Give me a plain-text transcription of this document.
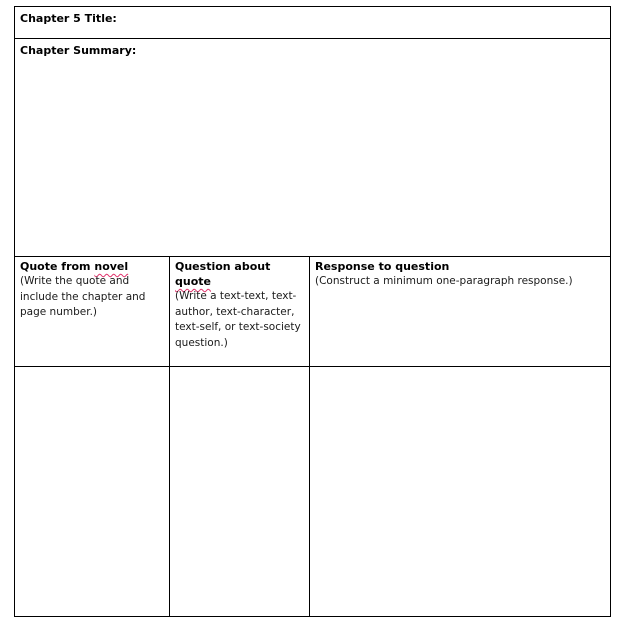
Chapter 5 Title:
Chapter Summary:
Quote from novel
(Write the quote and include the chapter and page number.)
Question about quote
(Write a text-text, text-author, text-character, text-self, or text-society question.)
Response to question
(Construct a minimum one-paragraph response.)
